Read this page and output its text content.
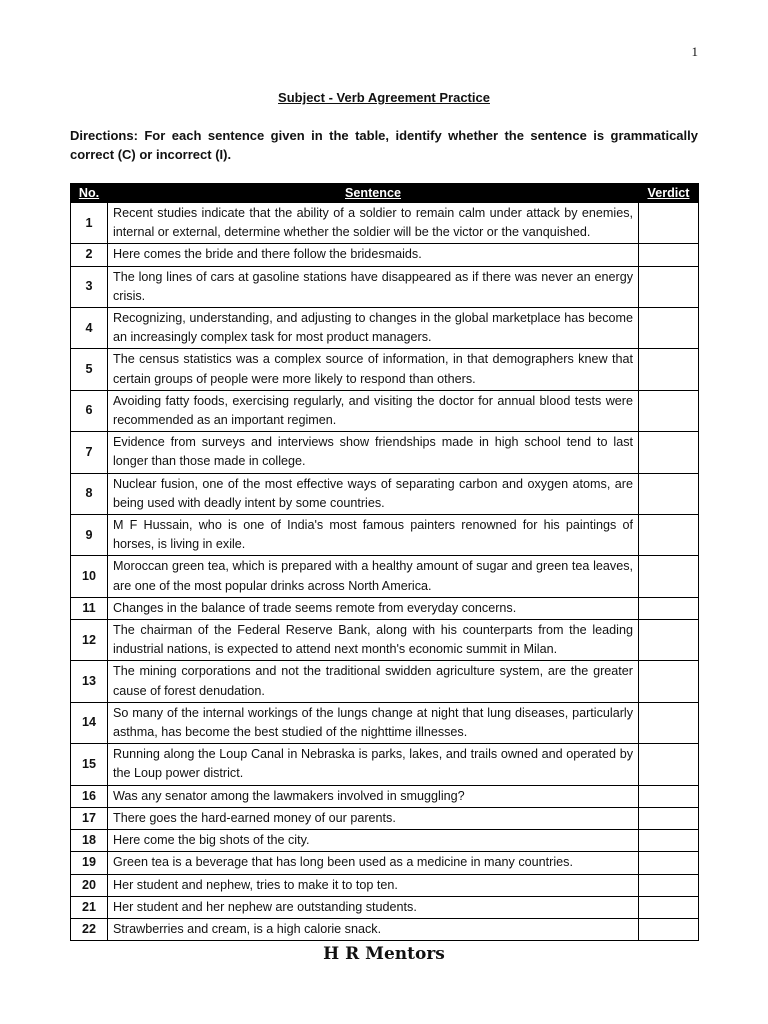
1
Subject - Verb Agreement Practice
Directions: For each sentence given in the table, identify whether the sentence is grammatically correct (C) or incorrect (I).
No.	Sentence	Verdict
1	Recent studies indicate that the ability of a soldier to remain calm under attack by enemies, internal or external, determine whether the soldier will be the victor or the vanquished.	
2	Here comes the bride and there follow the bridesmaids.	
3	The long lines of cars at gasoline stations have disappeared as if there was never an energy crisis.	
4	Recognizing, understanding, and adjusting to changes in the global marketplace has become an increasingly complex task for most product managers.	
5	The census statistics was a complex source of information, in that demographers knew that certain groups of people were more likely to respond than others.	
6	Avoiding fatty foods, exercising regularly, and visiting the doctor for annual blood tests were recommended as an important regimen.	
7	Evidence from surveys and interviews show friendships made in high school tend to last longer than those made in college.	
8	Nuclear fusion, one of the most effective ways of separating carbon and oxygen atoms, are being used with deadly intent by some countries.	
9	M F Hussain, who is one of India's most famous painters renowned for his paintings of horses, is living in exile.	
10	Moroccan green tea, which is prepared with a healthy amount of sugar and green tea leaves, are one of the most popular drinks across North America.	
11	Changes in the balance of trade seems remote from everyday concerns.	
12	The chairman of the Federal Reserve Bank, along with his counterparts from the leading industrial nations, is expected to attend next month's economic summit in Milan.	
13	The mining corporations and not the traditional swidden agriculture system, are the greater cause of forest denudation.	
14	So many of the internal workings of the lungs change at night that lung diseases, particularly asthma, has become the best studied of the nighttime illnesses.	
15	Running along the Loup Canal in Nebraska is parks, lakes, and trails owned and operated by the Loup power district.	
16	Was any senator among the lawmakers involved in smuggling?	
17	There goes the hard-earned money of our parents.	
18	Here come the big shots of the city.	
19	Green tea is a beverage that has long been used as a medicine in many countries.	
20	Her student and nephew, tries to make it to top ten.	
21	Her student and her nephew are outstanding students.	
22	Strawberries and cream, is a high calorie snack.	
H R Mentors
